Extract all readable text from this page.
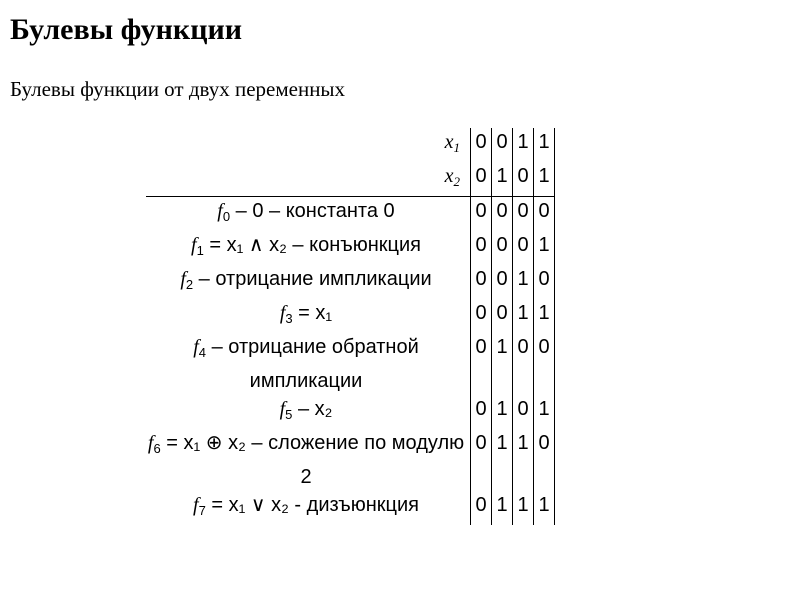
Булевы функции

Булевы функции от двух переменных

$x_1$	0	0	1	1
$x_2$	0	1	0	1
$f_0 - 0$ – константа 0	0	0	0	0
$f_1 = x_1$ ∧ x₂ – конъюнкция	0	0	0	1
$f_2$ – отрицание импликации	0	0	1	0
$f_3 = x_1$	0	0	1	1
$f_4$ – отрицание обратной импликации	0	1	0	0
$f_5 - x_2$	0	1	0	1
$f_6 = x_1$ ⊕ x₂ – сложение по модулю 2	0	1	1	0
$f_7 = x_1$ ∨ x₂ - дизъюнкция	0	1	1	1
